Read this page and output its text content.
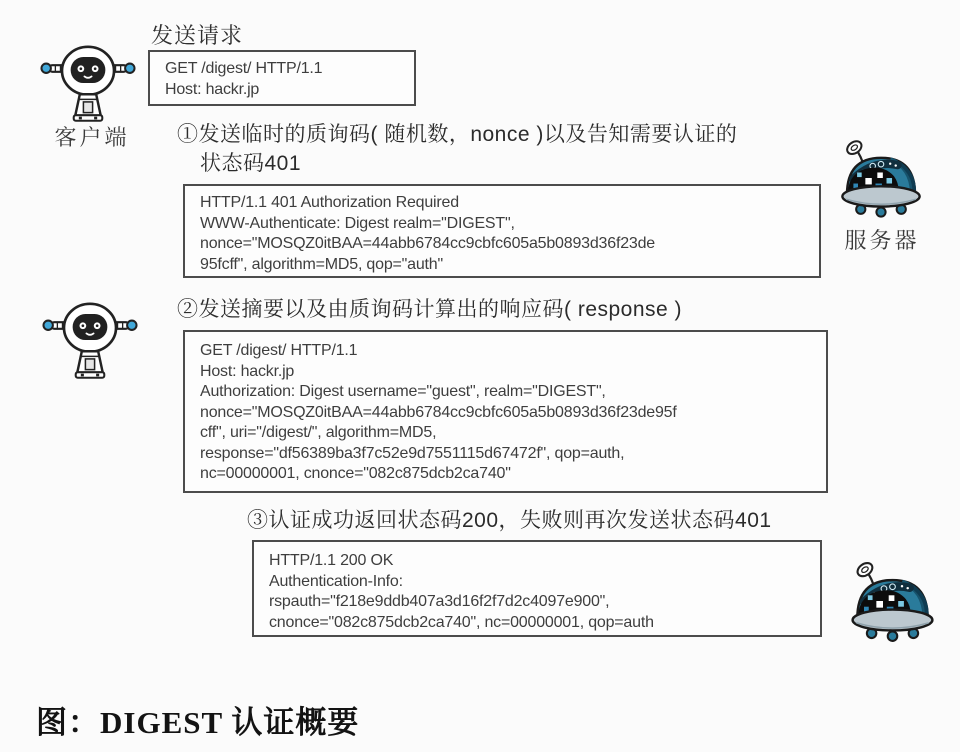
客户端
发送请求
GET /digest/ HTTP/1.1
Host: hackr.jp
①发送临时的质询码( 随机数，nonce )以及告知需要认证的
状态码401
服务器
HTTP/1.1 401 Authorization Required
WWW-Authenticate: Digest realm="DIGEST",
nonce="MOSQZ0itBAA=44abb6784cc9cbfc605a5b0893d36f23de
95fcff", algorithm=MD5, qop="auth"
②发送摘要以及由质询码计算出的响应码( response )
GET /digest/ HTTP/1.1
Host: hackr.jp
Authorization: Digest username="guest", realm="DIGEST",
nonce="MOSQZ0itBAA=44abb6784cc9cbfc605a5b0893d36f23de95f
cff", uri="/digest/", algorithm=MD5,
response="df56389ba3f7c52e9d7551115d67472f", qop=auth,
nc=00000001, cnonce="082c875dcb2ca740"
③认证成功返回状态码200，失败则再次发送状态码401
HTTP/1.1 200 OK
Authentication-Info:
rspauth="f218e9ddb407a3d16f2f7d2c4097e900",
cnonce="082c875dcb2ca740", nc=00000001, qop=auth
图：DIGEST 认证概要
